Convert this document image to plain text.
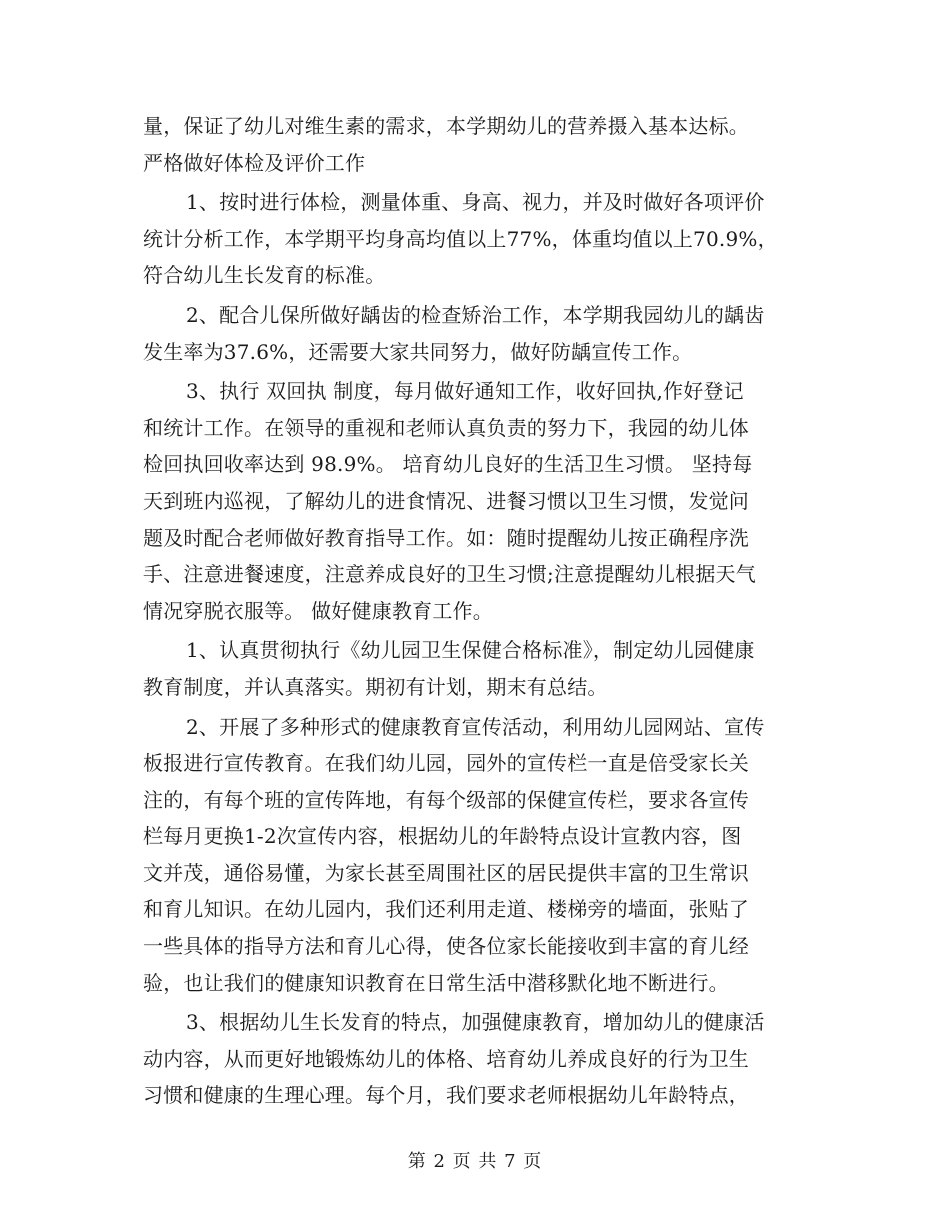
量，保证了幼儿对维生素的需求，本学期幼儿的营养摄入基本达标。
严格做好体检及评价工作
1、按时进行体检，测量体重、身高、视力，并及时做好各项评价
统计分析工作，本学期平均身高均值以上77%，体重均值以上70.9%，
符合幼儿生长发育的标准。
2、配合儿保所做好龋齿的检查矫治工作，本学期我园幼儿的龋齿
发生率为37.6%，还需要大家共同努力，做好防龋宣传工作。
3、执行 双回执 制度，每月做好通知工作，收好回执,作好登记
和统计工作。在领导的重视和老师认真负责的努力下，我园的幼儿体
检回执回收率达到 98.9%。 培育幼儿良好的生活卫生习惯。 坚持每
天到班内巡视，了解幼儿的进食情况、进餐习惯以卫生习惯，发觉问
题及时配合老师做好教育指导工作。如：随时提醒幼儿按正确程序洗
手、注意进餐速度，注意养成良好的卫生习惯;注意提醒幼儿根据天气
情况穿脱衣服等。 做好健康教育工作。
1、认真贯彻执行《幼儿园卫生保健合格标准》，制定幼儿园健康
教育制度，并认真落实。期初有计划，期末有总结。
2、开展了多种形式的健康教育宣传活动，利用幼儿园网站、宣传
板报进行宣传教育。在我们幼儿园，园外的宣传栏一直是倍受家长关
注的，有每个班的宣传阵地，有每个级部的保健宣传栏，要求各宣传
栏每月更换1-2次宣传内容，根据幼儿的年龄特点设计宣教内容，图
文并茂，通俗易懂，为家长甚至周围社区的居民提供丰富的卫生常识
和育儿知识。在幼儿园内，我们还利用走道、楼梯旁的墙面，张贴了
一些具体的指导方法和育儿心得，使各位家长能接收到丰富的育儿经
验，也让我们的健康知识教育在日常生活中潜移默化地不断进行。
3、根据幼儿生长发育的特点，加强健康教育，增加幼儿的健康活
动内容，从而更好地锻炼幼儿的体格、培育幼儿养成良好的行为卫生
习惯和健康的生理心理。每个月，我们要求老师根据幼儿年龄特点，
第 2 页 共 7 页
